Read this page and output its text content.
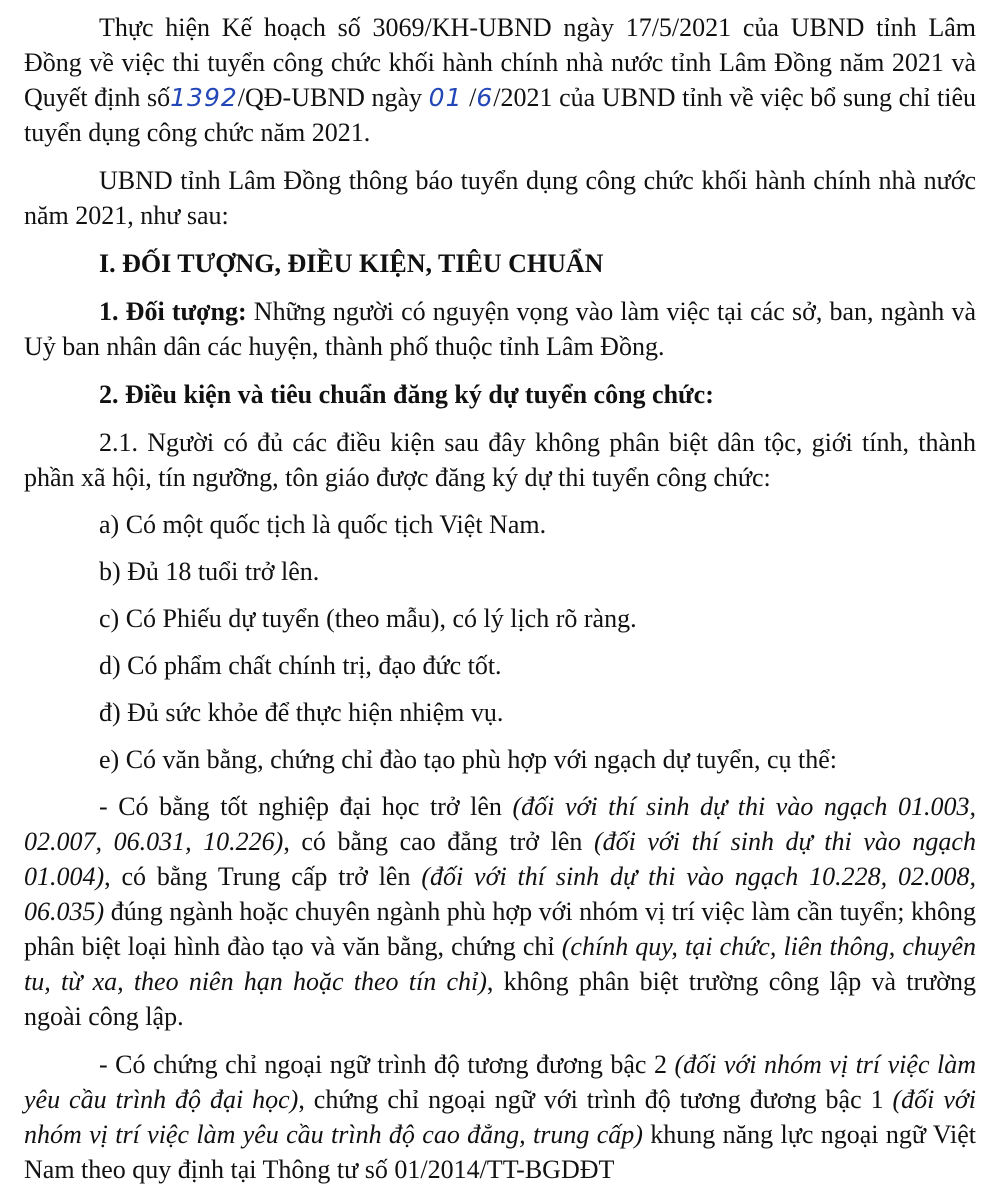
Thực hiện Kế hoạch số 3069/KH-UBND ngày 17/5/2021 của UBND tỉnh Lâm Đồng về việc thi tuyển công chức khối hành chính nhà nước tỉnh Lâm Đồng năm 2021 và Quyết định số1392/QĐ-UBND ngày 01 /6/2021 của UBND tỉnh về việc bổ sung chỉ tiêu tuyển dụng công chức năm 2021.

UBND tỉnh Lâm Đồng thông báo tuyển dụng công chức khối hành chính nhà nước năm 2021, như sau:

I. ĐỐI TƯỢNG, ĐIỀU KIỆN, TIÊU CHUẨN

1. Đối tượng: Những người có nguyện vọng vào làm việc tại các sở, ban, ngành và Uỷ ban nhân dân các huyện, thành phố thuộc tỉnh Lâm Đồng.

2. Điều kiện và tiêu chuẩn đăng ký dự tuyển công chức:

2.1. Người có đủ các điều kiện sau đây không phân biệt dân tộc, giới tính, thành phần xã hội, tín ngưỡng, tôn giáo được đăng ký dự thi tuyển công chức:

a) Có một quốc tịch là quốc tịch Việt Nam.

b) Đủ 18 tuổi trở lên.

c) Có Phiếu dự tuyển (theo mẫu), có lý lịch rõ ràng.

d) Có phẩm chất chính trị, đạo đức tốt.

đ) Đủ sức khỏe để thực hiện nhiệm vụ.

e) Có văn bằng, chứng chỉ đào tạo phù hợp với ngạch dự tuyển, cụ thể:

- Có bằng tốt nghiệp đại học trở lên (đối với thí sinh dự thi vào ngạch 01.003, 02.007, 06.031, 10.226), có bằng cao đẳng trở lên (đối với thí sinh dự thi vào ngạch 01.004), có bằng Trung cấp trở lên (đối với thí sinh dự thi vào ngạch 10.228, 02.008, 06.035) đúng ngành hoặc chuyên ngành phù hợp với nhóm vị trí việc làm cần tuyển; không phân biệt loại hình đào tạo và văn bằng, chứng chỉ (chính quy, tại chức, liên thông, chuyên tu, từ xa, theo niên hạn hoặc theo tín chỉ), không phân biệt trường công lập và trường ngoài công lập.

- Có chứng chỉ ngoại ngữ trình độ tương đương bậc 2 (đối với nhóm vị trí việc làm yêu cầu trình độ đại học), chứng chỉ ngoại ngữ với trình độ tương đương bậc 1 (đối với nhóm vị trí việc làm yêu cầu trình độ cao đẳng, trung cấp) khung năng lực ngoại ngữ Việt Nam theo quy định tại Thông tư số 01/2014/TT-BGDĐT
